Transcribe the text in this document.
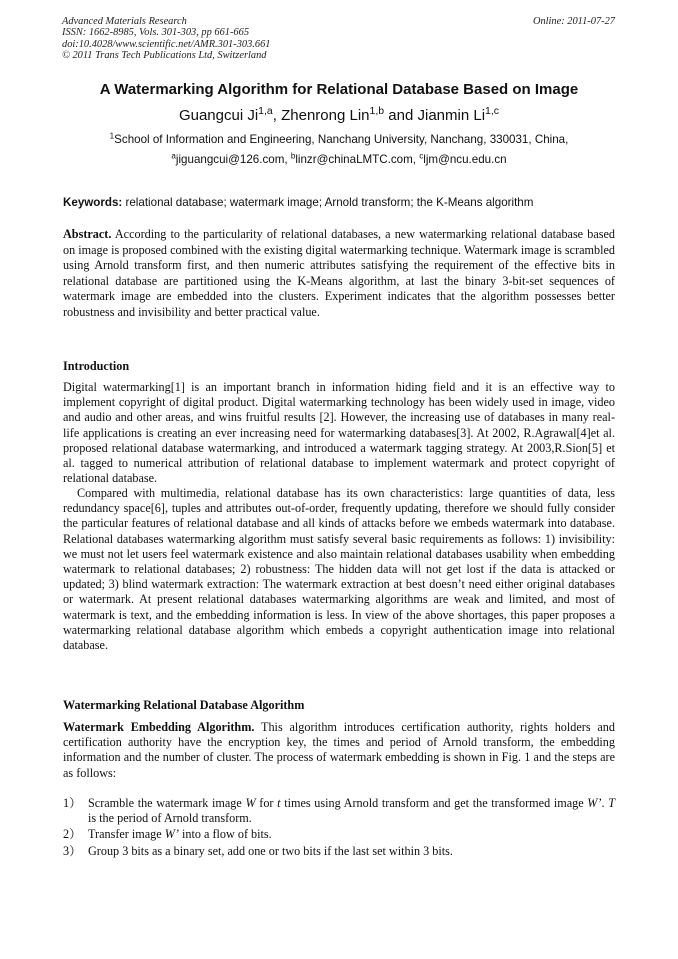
Advanced Materials Research
ISSN: 1662-8985, Vols. 301-303, pp 661-665
doi:10.4028/www.scientific.net/AMR.301-303.661
© 2011 Trans Tech Publications Ltd, Switzerland
Online: 2011-07-27
A Watermarking Algorithm for Relational Database Based on Image
Guangcui Ji$^{1,a}$, Zhenrong Lin$^{1,b}$ and Jianmin Li$^{1,c}$
$^1$School of Information and Engineering, Nanchang University, Nanchang, 330031, China,
$^a$jiguangcui@126.com, $^b$linzr@chinaLMTC.com, $^c$ljm@ncu.edu.cn
Keywords: relational database; watermark image; Arnold transform; the K-Means algorithm

Abstract. According to the particularity of relational databases, a new watermarking relational database based on image is proposed combined with the existing digital watermarking technique. Watermark image is scrambled using Arnold transform first, and then numeric attributes satisfying the requirement of the effective bits in relational database are partitioned using the K-Means algorithm, at last the binary 3-bit-set sequences of watermark image are embedded into the clusters. Experiment indicates that the algorithm possesses better robustness and invisibility and better practical value.

Introduction

Digital watermarking[1] is an important branch in information hiding field and it is an effective way to implement copyright of digital product. Digital watermarking technology has been widely used in image, video and audio and other areas, and wins fruitful results [2]. However, the increasing use of databases in many real-life applications is creating an ever increasing need for watermarking databases[3]. At 2002, R.Agrawal[4]et al. proposed relational database watermarking, and introduced a watermark tagging strategy. At 2003,R.Sion[5] et al. tagged to numerical attribution of relational database to implement watermark and protect copyright of relational database.

Compared with multimedia, relational database has its own characteristics: large quantities of data, less redundancy space[6], tuples and attributes out-of-order, frequently updating, therefore we should fully consider the particular features of relational database and all kinds of attacks before we embeds watermark into database. Relational databases watermarking algorithm must satisfy several basic requirements as follows: 1) invisibility: we must not let users feel watermark existence and also maintain relational databases usability when embedding watermark to relational databases; 2) robustness: The hidden data will not get lost if the data is attacked or updated; 3) blind watermark extraction: The watermark extraction at best doesn’t need either original databases or watermark. At present relational databases watermarking algorithms are weak and limited, and most of watermark is text, and the embedding information is less. In view of the above shortages, this paper proposes a watermarking relational database algorithm which embeds a copyright authentication image into relational database.

Watermarking Relational Database Algorithm

Watermark Embedding Algorithm. This algorithm introduces certification authority, rights holders and certification authority have the encryption key, the times and period of Arnold transform, the embedding information and the number of cluster. The process of watermark embedding is shown in Fig. 1 and the steps are as follows:

1） Scramble the watermark image W for t times using Arnold transform and get the transformed image W’. T is the period of Arnold transform.
2） Transfer image W’ into a flow of bits.
3） Group 3 bits as a binary set, add one or two bits if the last set within 3 bits.
